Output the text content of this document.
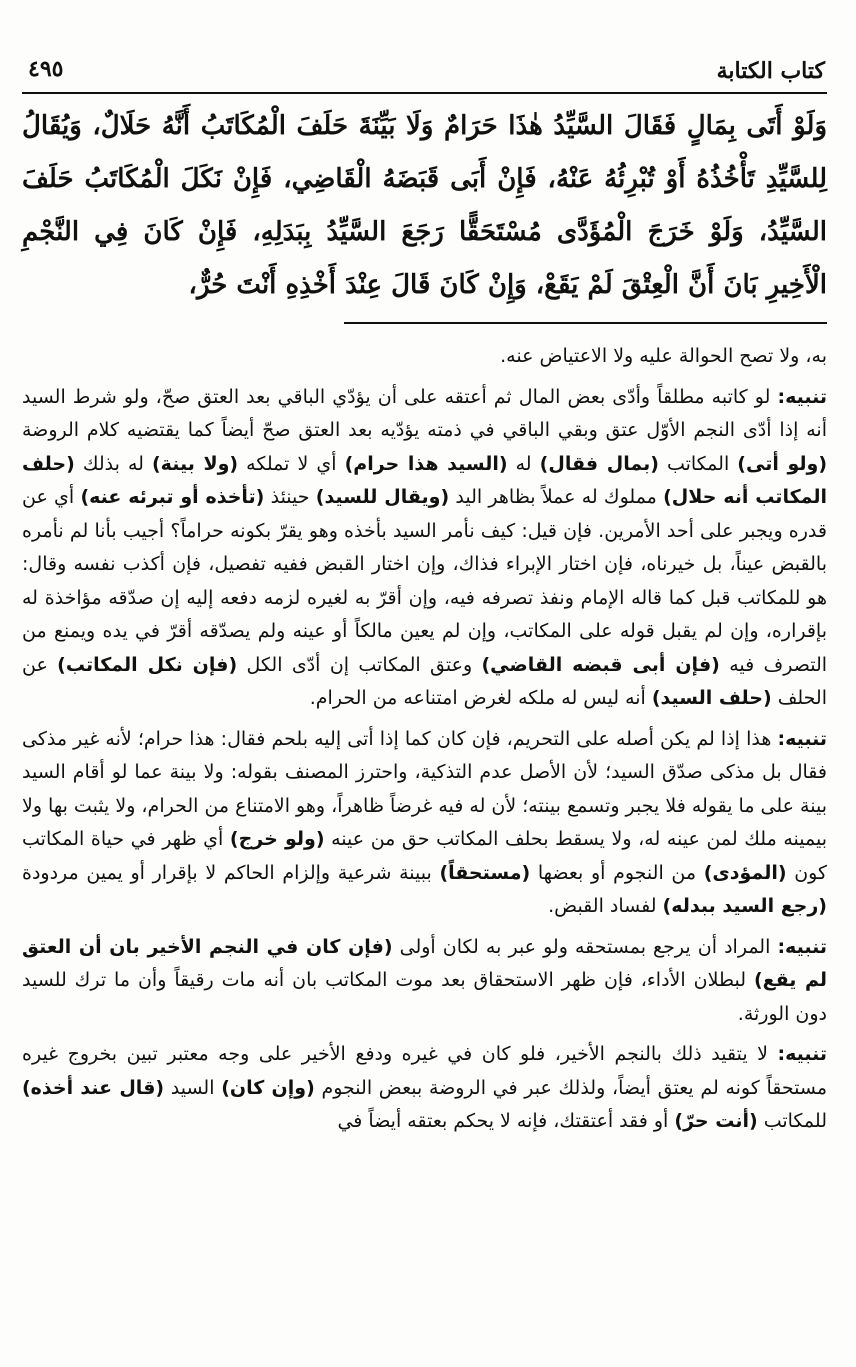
كتاب الكتابة
٤٩٥

وَلَوْ أَتَى بِمَالٍ فَقَالَ السَّيِّدُ هٰذَا حَرَامٌ وَلَا بَيِّنَةَ حَلَفَ الْمُكَاتَبُ أَنَّهُ حَلَالٌ، وَيُقَالُ لِلسَّيِّدِ تَأْخُذُهُ أَوْ تُبْرِئُهُ عَنْهُ، فَإِنْ أَبَى قَبَضَهُ الْقَاضِي، فَإِنْ نَكَلَ الْمُكَاتَبُ حَلَفَ السَّيِّدُ، وَلَوْ خَرَجَ الْمُؤَدَّى مُسْتَحَقًّا رَجَعَ السَّيِّدُ بِبَدَلِهِ، فَإِنْ كَانَ فِي النَّجْمِ الْأَخِيرِ بَانَ أَنَّ الْعِتْقَ لَمْ يَقَعْ، وَإِنْ كَانَ قَالَ عِنْدَ أَخْذِهِ أَنْتَ حُرٌّ،

به، ولا تصح الحوالة عليه ولا الاعتياض عنه.

تنبيه: لو كاتبه مطلقاً وأدّى بعض المال ثم أعتقه على أن يؤدّي الباقي بعد العتق صحّ، ولو شرط السيد أنه إذا أدّى النجم الأوّل عتق وبقي الباقي في ذمته يؤدّيه بعد العتق صحّ أيضاً كما يقتضيه كلام الروضة (ولو أتى) المكاتب (بمال فقال) له (السيد هذا حرام) أي لا تملكه (ولا بينة) له بذلك (حلف المكاتب أنه حلال) مملوك له عملاً بظاهر اليد (ويقال للسيد) حينئذ (تأخذه أو تبرئه عنه) أي عن قدره ويجبر على أحد الأمرين. فإن قيل: كيف نأمر السيد بأخذه وهو يقرّ بكونه حراماً؟ أجيب بأنا لم نأمره بالقبض عيناً، بل خيرناه، فإن اختار الإبراء فذاك، وإن اختار القبض ففيه تفصيل، فإن أكذب نفسه وقال: هو للمكاتب قبل كما قاله الإمام ونفذ تصرفه فيه، وإن أقرّ به لغيره لزمه دفعه إليه إن صدّقه مؤاخذة له بإقراره، وإن لم يقبل قوله على المكاتب، وإن لم يعين مالكاً أو عينه ولم يصدّقه أقرّ في يده ويمنع من التصرف فيه (فإن أبى قبضه القاضي) وعتق المكاتب إن أدّى الكل (فإن نكل المكاتب) عن الحلف (حلف السيد) أنه ليس له ملكه لغرض امتناعه من الحرام.

تنبيه: هذا إذا لم يكن أصله على التحريم، فإن كان كما إذا أتى إليه بلحم فقال: هذا حرام؛ لأنه غير مذكى فقال بل مذكى صدّق السيد؛ لأن الأصل عدم التذكية، واحترز المصنف بقوله: ولا بينة عما لو أقام السيد بينة على ما يقوله فلا يجبر وتسمع بينته؛ لأن له فيه غرضاً ظاهراً، وهو الامتناع من الحرام، ولا يثبت بها ولا بيمينه ملك لمن عينه له، ولا يسقط بحلف المكاتب حق من عينه (ولو خرج) أي ظهر في حياة المكاتب كون (المؤدى) من النجوم أو بعضها (مستحقاً) ببينة شرعية وإلزام الحاكم لا بإقرار أو يمين مردودة (رجع السيد ببدله) لفساد القبض.

تنبيه: المراد أن يرجع بمستحقه ولو عبر به لكان أولى (فإن كان في النجم الأخير بان أن العتق لم يقع) لبطلان الأداء، فإن ظهر الاستحقاق بعد موت المكاتب بان أنه مات رقيقاً وأن ما ترك للسيد دون الورثة.

تنبيه: لا يتقيد ذلك بالنجم الأخير، فلو كان في غيره ودفع الأخير على وجه معتبر تبين بخروج غيره مستحقاً كونه لم يعتق أيضاً، ولذلك عبر في الروضة ببعض النجوم (وإن كان) السيد (قال عند أخذه) للمكاتب (أنت حرّ) أو فقد أعتقتك، فإنه لا يحكم بعتقه أيضاً في
